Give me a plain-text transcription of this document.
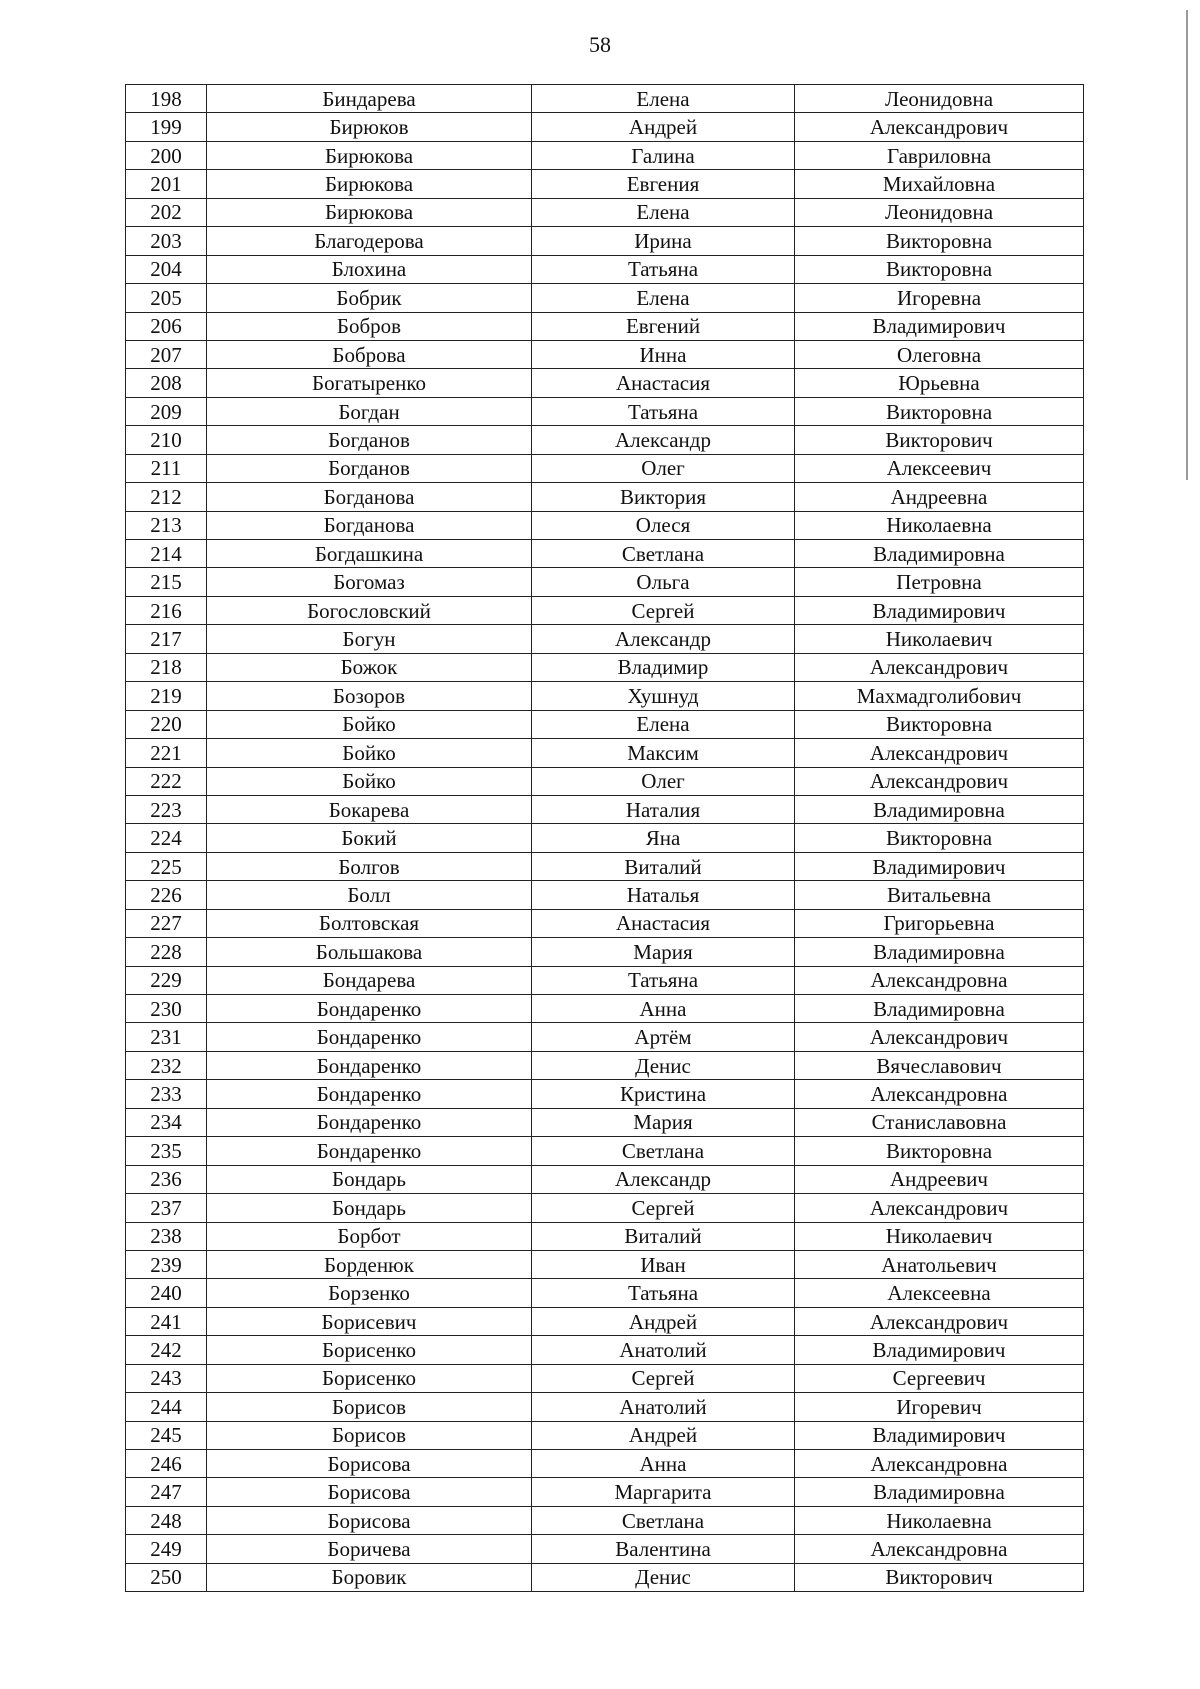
58
198	Биндарева	Елена	Леонидовна
199	Бирюков	Андрей	Александрович
200	Бирюкова	Галина	Гавриловна
201	Бирюкова	Евгения	Михайловна
202	Бирюкова	Елена	Леонидовна
203	Благодерова	Ирина	Викторовна
204	Блохина	Татьяна	Викторовна
205	Бобрик	Елена	Игоревна
206	Бобров	Евгений	Владимирович
207	Боброва	Инна	Олеговна
208	Богатыренко	Анастасия	Юрьевна
209	Богдан	Татьяна	Викторовна
210	Богданов	Александр	Викторович
211	Богданов	Олег	Алексеевич
212	Богданова	Виктория	Андреевна
213	Богданова	Олеся	Николаевна
214	Богдашкина	Светлана	Владимировна
215	Богомаз	Ольга	Петровна
216	Богословский	Сергей	Владимирович
217	Богун	Александр	Николаевич
218	Божок	Владимир	Александрович
219	Бозоров	Хушнуд	Махмадголибович
220	Бойко	Елена	Викторовна
221	Бойко	Максим	Александрович
222	Бойко	Олег	Александрович
223	Бокарева	Наталия	Владимировна
224	Бокий	Яна	Викторовна
225	Болгов	Виталий	Владимирович
226	Болл	Наталья	Витальевна
227	Болтовская	Анастасия	Григорьевна
228	Большакова	Мария	Владимировна
229	Бондарева	Татьяна	Александровна
230	Бондаренко	Анна	Владимировна
231	Бондаренко	Артём	Александрович
232	Бондаренко	Денис	Вячеславович
233	Бондаренко	Кристина	Александровна
234	Бондаренко	Мария	Станиславовна
235	Бондаренко	Светлана	Викторовна
236	Бондарь	Александр	Андреевич
237	Бондарь	Сергей	Александрович
238	Борбот	Виталий	Николаевич
239	Борденюк	Иван	Анатольевич
240	Борзенко	Татьяна	Алексеевна
241	Борисевич	Андрей	Александрович
242	Борисенко	Анатолий	Владимирович
243	Борисенко	Сергей	Сергеевич
244	Борисов	Анатолий	Игоревич
245	Борисов	Андрей	Владимирович
246	Борисова	Анна	Александровна
247	Борисова	Маргарита	Владимировна
248	Борисова	Светлана	Николаевна
249	Боричева	Валентина	Александровна
250	Боровик	Денис	Викторович
